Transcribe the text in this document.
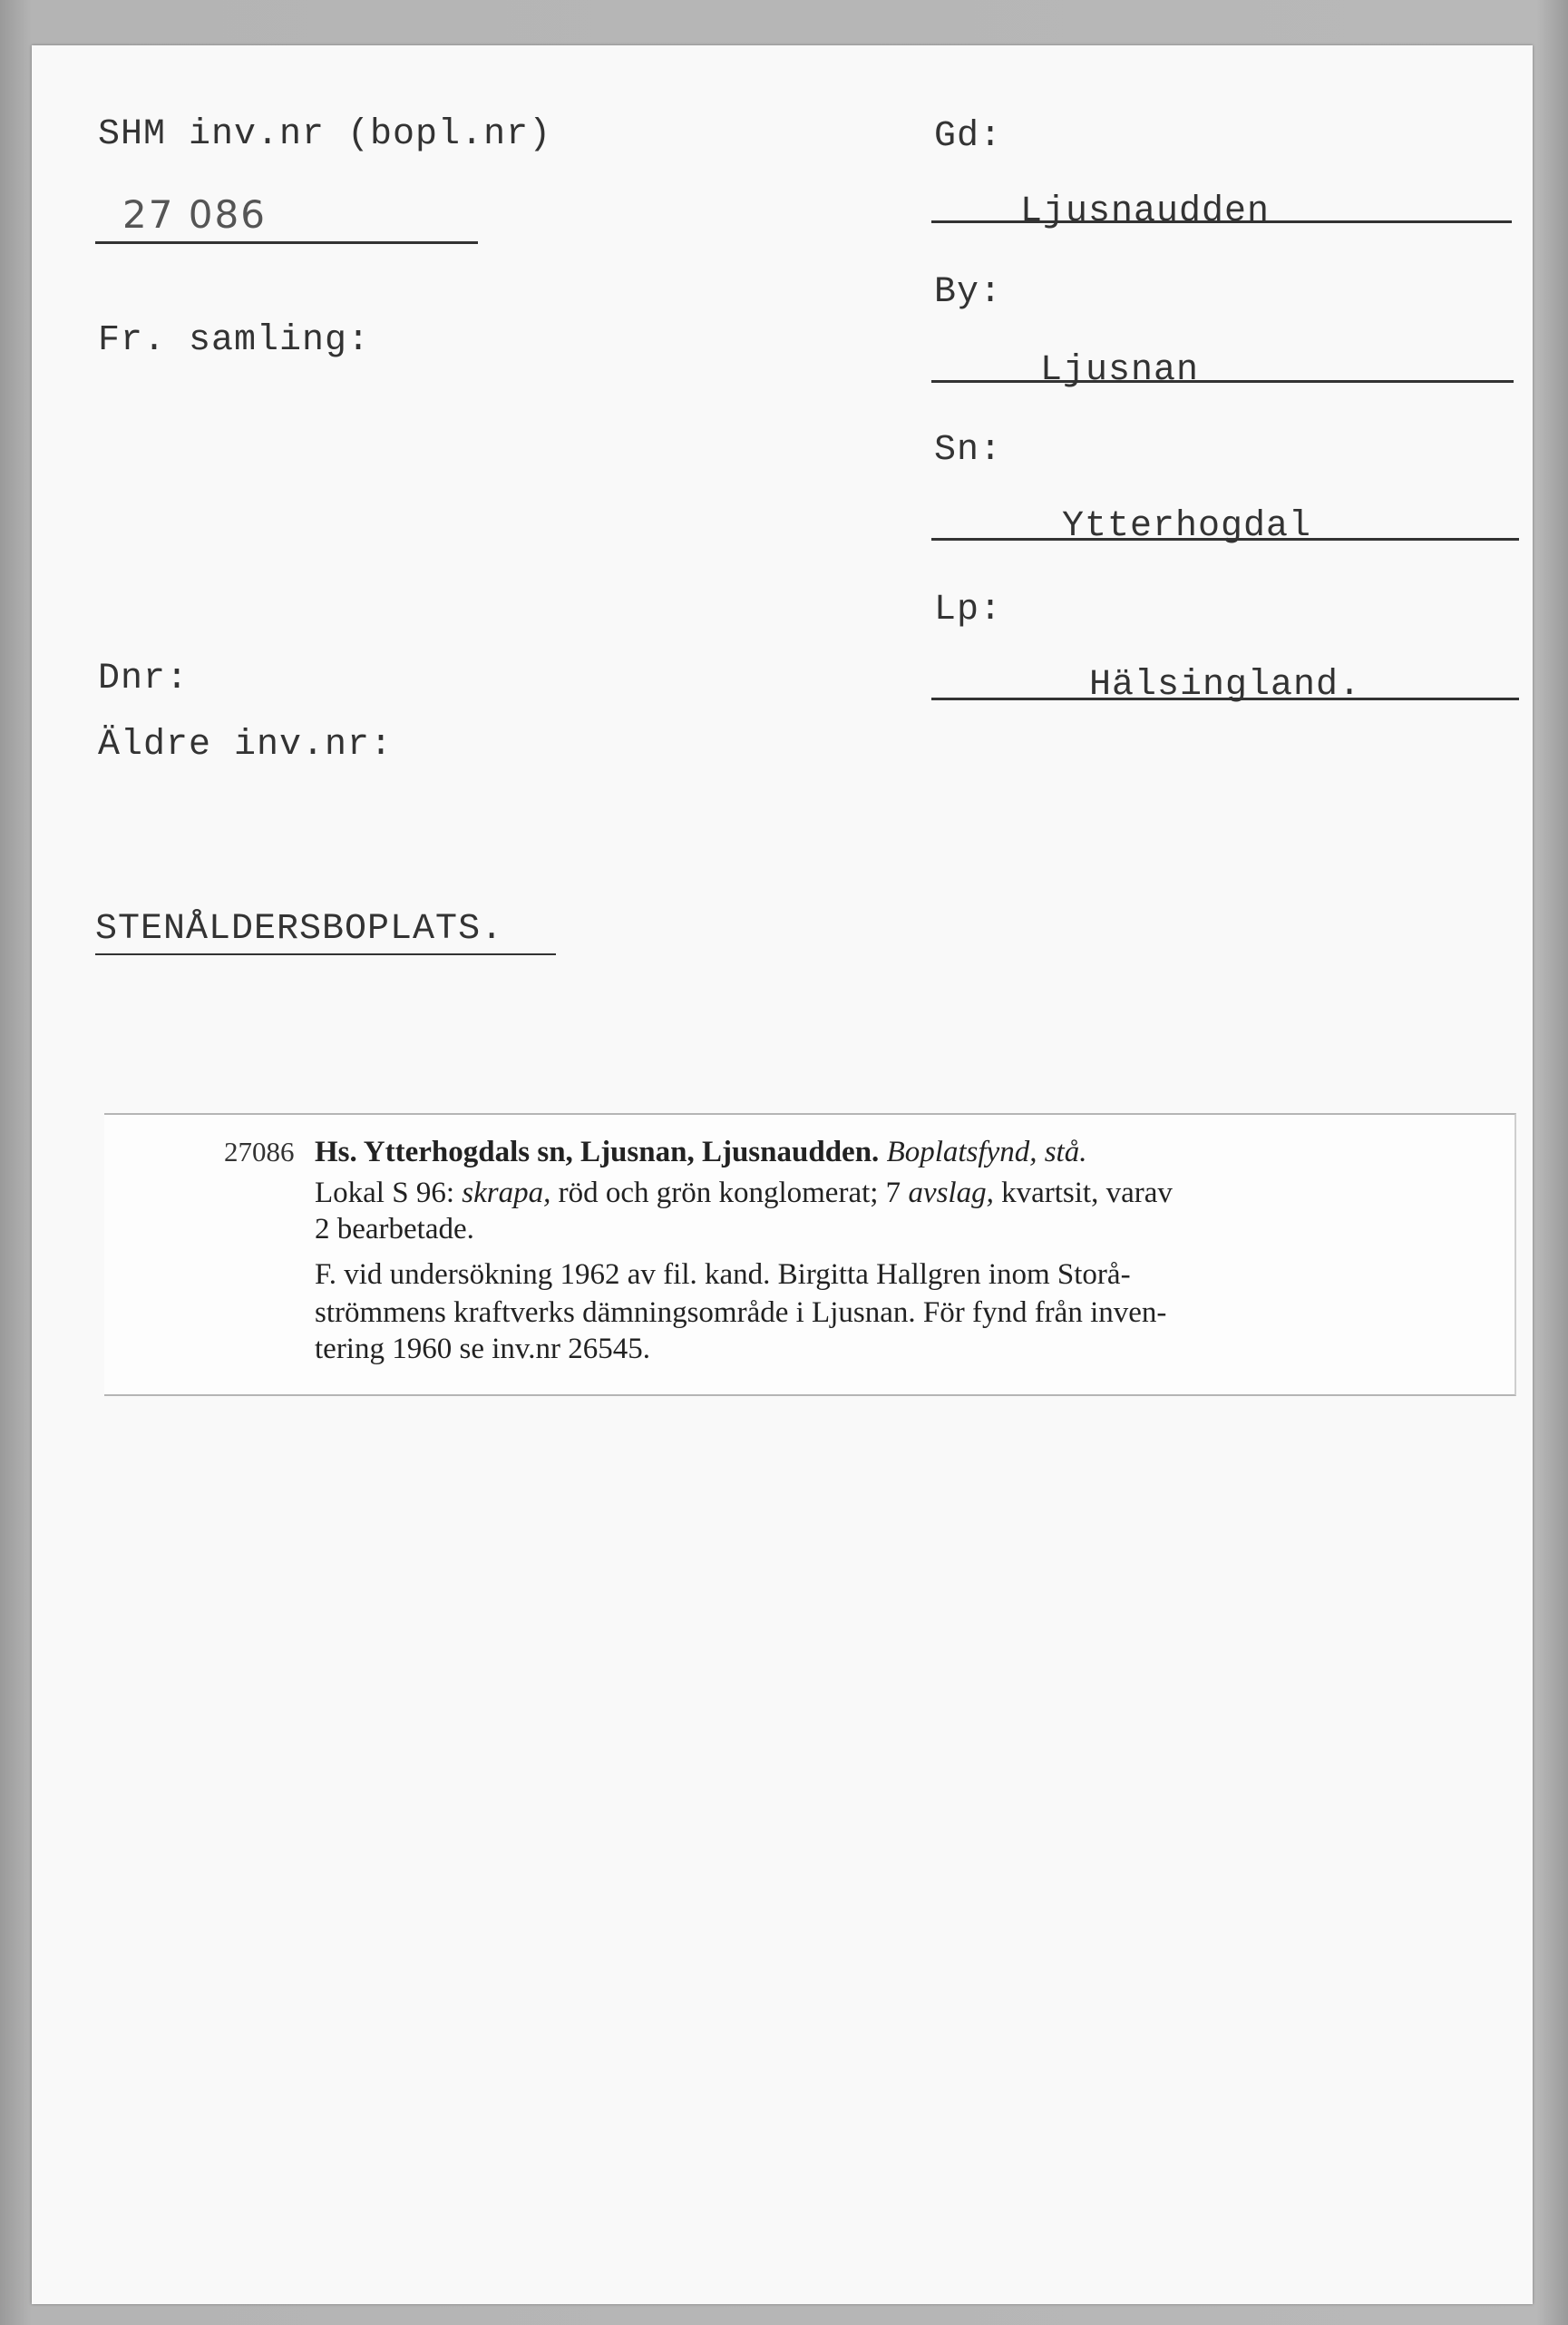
SHM inv.nr (bopl.nr)
27 086
Fr. samling:
Dnr:
Äldre inv.nr:
STENÅLDERSBOPLATS.
Gd:
Ljusnaudden
By:
Ljusnan
Sn:
Ytterhogdal
Lp:
Hälsingland.
27086 Hs. Ytterhogdals sn, Ljusnan, Ljusnaudden. Boplatsfynd, stå.
Lokal S 96: skrapa, röd och grön konglomerat; 7 avslag, kvartsit, varav
2 bearbetade.
F. vid undersökning 1962 av fil. kand. Birgitta Hallgren inom Storå-
strömmens kraftverks dämningsområde i Ljusnan. För fynd från inven-
tering 1960 se inv.nr 26545.
